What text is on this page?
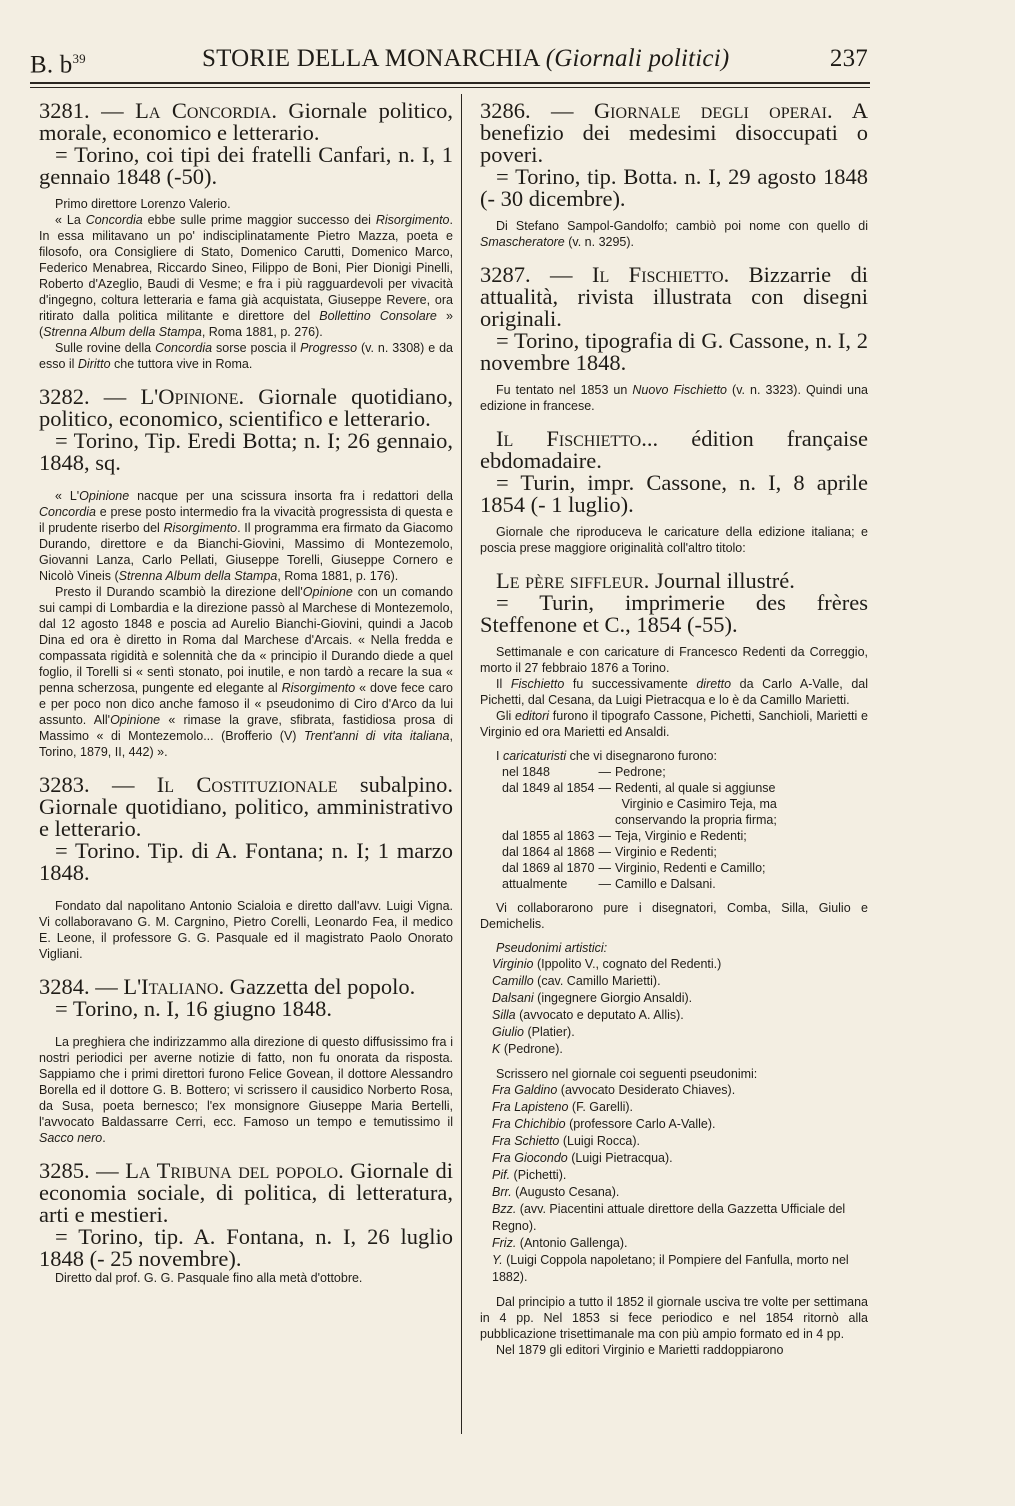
B. $b^{39}$	STORIE DELLA MONARCHIA (Giornali politici)	237

3281. — La Concordia. Giornale politico, morale, economico e letterario.

= Torino, coi tipi dei fratelli Canfari, n. I, 1 gennaio 1848 (-50).

Primo direttore Lorenzo Valerio.

« La Concordia ebbe sulle prime maggior successo dei Risorgimento. In essa militavano un po' indisciplinatamente Pietro Mazza, poeta e filosofo, ora Consigliere di Stato, Domenico Carutti, Domenico Marco, Federico Menabrea, Riccardo Sineo, Filippo de Boni, Pier Dionigi Pinelli, Roberto d'Azeglio, Baudi di Vesme; e fra i più ragguardevoli per vivacità d'ingegno, coltura letteraria e fama già acquistata, Giuseppe Revere, ora ritirato dalla politica militante e direttore del Bollettino Consolare » (Strenna Album della Stampa, Roma 1881, p. 276).

Sulle rovine della Concordia sorse poscia il Progresso (v. n. 3308) e da esso il Diritto che tuttora vive in Roma.

3282. — L'Opinione. Giornale quotidiano, politico, economico, scientifico e letterario.

= Torino, Tip. Eredi Botta; n. I; 26 gennaio, 1848, sq.

« L'Opinione nacque per una scissura insorta fra i redattori della Concordia e prese posto intermedio fra la vivacità progressista di questa e il prudente riserbo del Risorgimento. Il programma era firmato da Giacomo Durando, direttore e da Bianchi-Giovini, Massimo di Montezemolo, Giovanni Lanza, Carlo Pellati, Giuseppe Torelli, Giuseppe Cornero e Nicolò Vineis (Strenna Album della Stampa, Roma 1881, p. 176).

Presto il Durando scambiò la direzione dell'Opinione con un comando sui campi di Lombardia e la direzione passò al Marchese di Montezemolo, dal 12 agosto 1848 e poscia ad Aurelio Bianchi-Giovini, quindi a Jacob Dina ed ora è diretto in Roma dal Marchese d'Arcais. « Nella fredda e compassata rigidità e solennità che da « principio il Durando diede a quel foglio, il Torelli si « sentì stonato, poi inutile, e non tardò a recare la sua « penna scherzosa, pungente ed elegante al Risorgimento « dove fece caro e per poco non dico anche famoso il « pseudonimo di Ciro d'Arco da lui assunto. All'Opinione « rimase la grave, sfibrata, fastidiosa prosa di Massimo « di Montezemolo... (Brofferio (V) Trent'anni di vita italiana, Torino, 1879, II, 442) ».

3283. — Il Costituzionale subalpino. Giornale quotidiano, politico, amministrativo e letterario.

= Torino. Tip. di A. Fontana; n. I; 1 marzo 1848.

Fondato dal napolitano Antonio Scialoia e diretto dall'avv. Luigi Vigna. Vi collaboravano G. M. Cargnino, Pietro Corelli, Leonardo Fea, il medico E. Leone, il professore G. G. Pasquale ed il magistrato Paolo Onorato Vigliani.

3284. — L'Italiano. Gazzetta del popolo.

= Torino, n. I, 16 giugno 1848.

La preghiera che indirizzammo alla direzione di questo diffusissimo fra i nostri periodici per averne notizie di fatto, non fu onorata da risposta. Sappiamo che i primi direttori furono Felice Govean, il dottore Alessandro Borella ed il dottore G. B. Bottero; vi scrissero il causidico Norberto Rosa, da Susa, poeta bernesco; l'ex monsignore Giuseppe Maria Bertelli, l'avvocato Baldassarre Cerri, ecc. Famoso un tempo e temutissimo il Sacco nero.

3285. — La Tribuna del popolo. Giornale di economia sociale, di politica, di letteratura, arti e mestieri.

= Torino, tip. A. Fontana, n. I, 26 luglio 1848 (- 25 novembre).

Diretto dal prof. G. G. Pasquale fino alla metà d'ottobre.

3286. — Giornale degli operai. A benefizio dei medesimi disoccupati o poveri.

= Torino, tip. Botta. n. I, 29 agosto 1848 (- 30 dicembre).

Di Stefano Sampol-Gandolfo; cambiò poi nome con quello di Smascheratore (v. n. 3295).

3287. — Il Fischietto. Bizzarrie di attualità, rivista illustrata con disegni originali.

= Torino, tipografia di G. Cassone, n. I, 2 novembre 1848.

Fu tentato nel 1853 un Nuovo Fischietto (v. n. 3323). Quindi una edizione in francese.

Il Fischietto... édition française ebdomadaire.

= Turin, impr. Cassone, n. I, 8 aprile 1854 (- 1 luglio).

Giornale che riproduceva le caricature della edizione italiana; e poscia prese maggiore originalità coll'altro titolo:

Le père siffleur. Journal illustré.

= Turin, imprimerie des frères Steffenone et C., 1854 (-55).

Settimanale e con caricature di Francesco Redenti da Correggio, morto il 27 febbraio 1876 a Torino.

Il Fischietto fu successivamente diretto da Carlo A-Valle, dal Pichetti, dal Cesana, da Luigi Pietracqua e lo è da Camillo Marietti.

Gli editori furono il tipografo Cassone, Pichetti, Sanchioli, Marietti e Virginio ed ora Marietti ed Ansaldi.

I caricaturisti che vi disegnarono furono:

nel 1848	—	Pedrone;
dal 1849 al 1854	—	Redenti, al quale si aggiunse
		Virginio e Casimiro Teja, ma
		conservando la propria firma;
dal 1855 al 1863	—	Teja, Virginio e Redenti;
dal 1864 al 1868	—	Virginio e Redenti;
dal 1869 al 1870	—	Virginio, Redenti e Camillo;
attualmente	—	Camillo e Dalsani.

Vi collaborarono pure i disegnatori, Comba, Silla, Giulio e Demichelis.

Pseudonimi artistici:

Virginio (Ippolito V., cognato del Redenti.)

Camillo (cav. Camillo Marietti).

Dalsani (ingegnere Giorgio Ansaldi).

Silla (avvocato e deputato A. Allis).

Giulio (Platier).

K (Pedrone).

Scrissero nel giornale coi seguenti pseudonimi:

Fra Galdino (avvocato Desiderato Chiaves).

Fra Lapisteno (F. Garelli).

Fra Chichibio (professore Carlo A-Valle).

Fra Schietto (Luigi Rocca).

Fra Giocondo (Luigi Pietracqua).

Pif. (Pichetti).

Brr. (Augusto Cesana).

Bzz. (avv. Piacentini attuale direttore della Gazzetta Ufficiale del Regno).

Friz. (Antonio Gallenga).

Y. (Luigi Coppola napoletano; il Pompiere del Fanfulla, morto nel 1882).

Dal principio a tutto il 1852 il giornale usciva tre volte per settimana in 4 pp. Nel 1853 si fece periodico e nel 1854 ritornò alla pubblicazione trisettimanale ma con più ampio formato ed in 4 pp.

Nel 1879 gli editori Virginio e Marietti raddoppiarono
